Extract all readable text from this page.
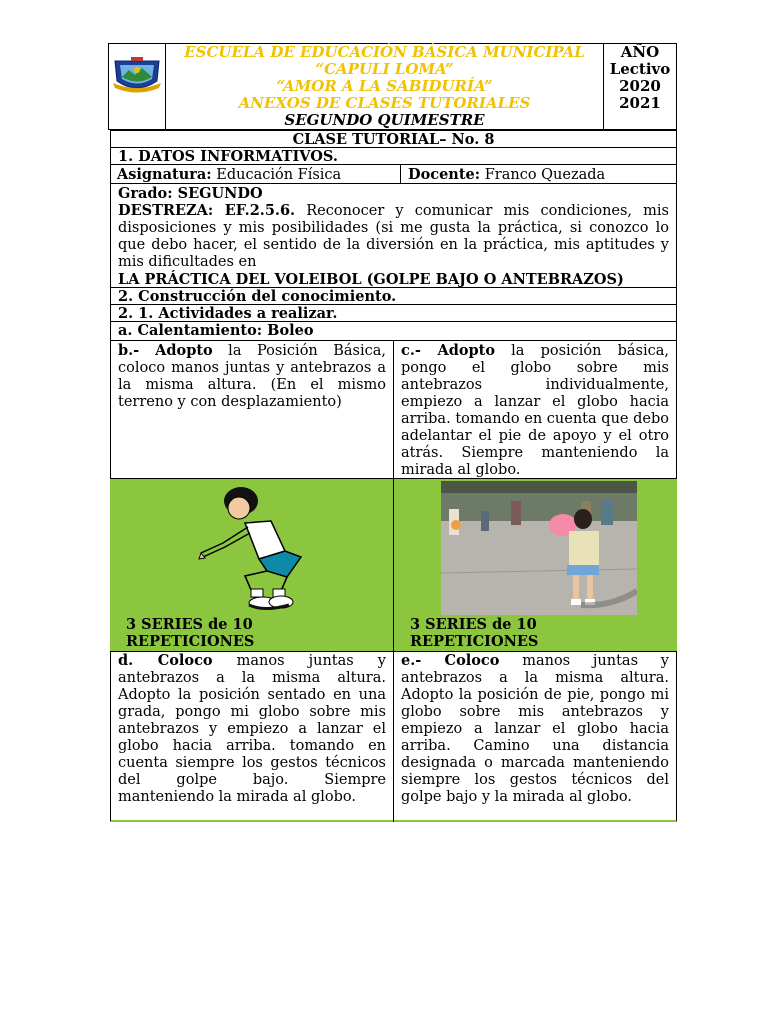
ESCUELA DE EDUCACIÓN BÁSICA MUNICIPAL
“CAPULI LOMA”
“AMOR A LA SABIDURÍA”
ANEXOS DE CLASES TUTORIALES
SEGUNDO QUIMESTRE
AÑO
Lectivo
2020
2021
CLASE TUTORIAL– No. 8
1. DATOS INFORMATIVOS.
Asignatura: Educación Física	Docente: Franco Quezada
Grado: SEGUNDO
DESTREZA: EF.2.5.6. Reconocer y comunicar mis condiciones, mis disposiciones y mis posibilidades (si me gusta la práctica, si conozco lo que debo hacer, el sentido de la diversión en la práctica, mis aptitudes y mis dificultades en
LA PRÁCTICA DEL VOLEIBOL (GOLPE BAJO O ANTEBRAZOS)
2. Construcción del conocimiento.
2. 1. Actividades a realizar.
a. Calentamiento: Boleo
b.- Adopto la Posición Básica, coloco manos juntas y antebrazos a la misma altura. (En el mismo terreno y con desplazamiento)
c.- Adopto la posición básica, pongo el globo sobre mis antebrazos individualmente, empiezo a lanzar el globo hacia arriba. tomando en cuenta que debo adelantar el pie de apoyo y el otro atrás. Siempre manteniendo la mirada al globo.
3 SERIES de 10
REPETICIONES
3 SERIES de 10
REPETICIONES
d. Coloco manos juntas y antebrazos a la misma altura. Adopto la posición sentado en una grada, pongo mi globo sobre mis antebrazos y empiezo a lanzar el globo hacia arriba. tomando en cuenta siempre los gestos técnicos del golpe bajo. Siempre manteniendo la mirada al globo.
e.- Coloco manos juntas y antebrazos a la misma altura. Adopto la posición de pie, pongo mi globo sobre mis antebrazos y empiezo a lanzar el globo hacia arriba. Camino una distancia designada o marcada manteniendo siempre los gestos técnicos del golpe bajo y la mirada al globo.
